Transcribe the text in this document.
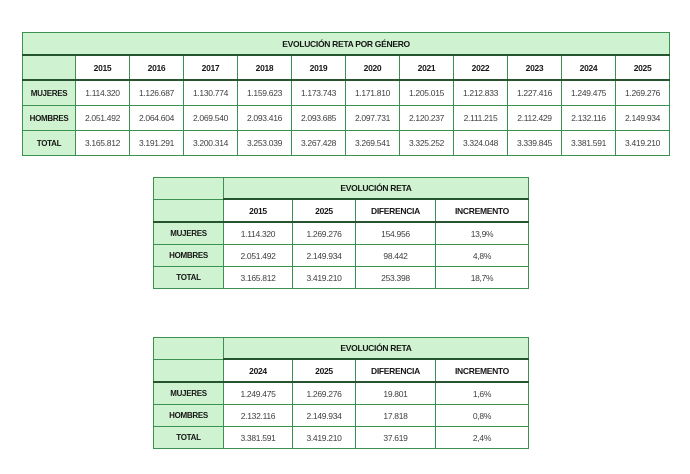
EVOLUCIÓN RETA POR GÉNERO											
	2015	2016	2017	2018	2019	2020	2021	2022	2023	2024	2025
MUJERES	1.114.320	1.126.687	1.130.774	1.159.623	1.173.743	1.171.810	1.205.015	1.212.833	1.227.416	1.249.475	1.269.276
HOMBRES	2.051.492	2.064.604	2.069.540	2.093.416	2.093.685	2.097.731	2.120.237	2.111.215	2.112.429	2.132.116	2.149.934
TOTAL	3.165.812	3.191.291	3.200.314	3.253.039	3.267.428	3.269.541	3.325.252	3.324.048	3.339.845	3.381.591	3.419.210
	EVOLUCIÓN RETA			
	2015	2025	DIFERENCIA	INCREMENTO
MUJERES	1.114.320	1.269.276	154.956	13,9%
HOMBRES	2.051.492	2.149.934	98.442	4,8%
TOTAL	3.165.812	3.419.210	253.398	18,7%
	EVOLUCIÓN RETA			
	2024	2025	DIFERENCIA	INCREMENTO
MUJERES	1.249.475	1.269.276	19.801	1,6%
HOMBRES	2.132.116	2.149.934	17.818	0,8%
TOTAL	3.381.591	3.419.210	37.619	2,4%
